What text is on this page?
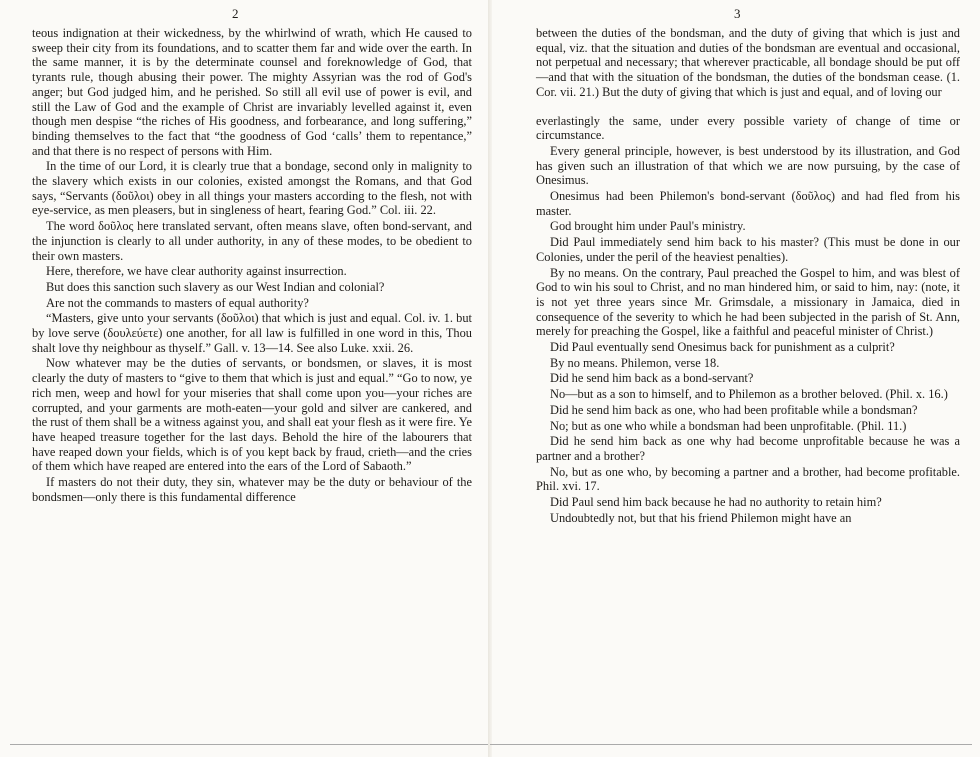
2

teous indignation at their wickedness, by the whirlwind of wrath, which He caused to sweep their city from its foundations, and to scatter them far and wide over the earth. In the same manner, it is by the determinate counsel and foreknowledge of God, that tyrants rule, though abusing their power. The mighty Assyrian was the rod of God's anger; but God judged him, and he perished. So still all evil use of power is evil, and still the Law of God and the example of Christ are invariably levelled against it, even though men despise “the riches of His goodness, and forbearance, and long suffering,” binding themselves to the fact that “the goodness of God ‘calls’ them to repentance,” and that there is no respect of persons with Him.

In the time of our Lord, it is clearly true that a bondage, second only in malignity to the slavery which exists in our colonies, existed amongst the Romans, and that God says, “Servants (δοῦλοι) obey in all things your masters according to the flesh, not with eye-service, as men pleasers, but in singleness of heart, fearing God.” Col. iii. 22.

The word δοῦλος here translated servant, often means slave, often bond-servant, and the injunction is clearly to all under authority, in any of these modes, to be obedient to their own masters.

Here, therefore, we have clear authority against insurrection.

But does this sanction such slavery as our West Indian and colonial?

Are not the commands to masters of equal authority?

“Masters, give unto your servants (δοῦλοι) that which is just and equal. Col. iv. 1. but by love serve (δουλεύετε) one another, for all law is fulfilled in one word in this, Thou shalt love thy neighbour as thyself.” Gall. v. 13—14. See also Luke. xxii. 26.

Now whatever may be the duties of servants, or bondsmen, or slaves, it is most clearly the duty of masters to “give to them that which is just and equal.” “Go to now, ye rich men, weep and howl for your miseries that shall come upon you—your riches are corrupted, and your garments are moth-eaten—your gold and silver are cankered, and the rust of them shall be a witness against you, and shall eat your flesh as it were fire. Ye have heaped treasure together for the last days. Behold the hire of the labourers that have reaped down your fields, which is of you kept back by fraud, crieth—and the cries of them which have reaped are entered into the ears of the Lord of Sabaoth.”

If masters do not their duty, they sin, whatever may be the duty or behaviour of the bondsmen—only there is this fundamental difference

3

between the duties of the bondsman, and the duty of giving that which is just and equal, viz. that the situation and duties of the bondsman are eventual and occasional, not perpetual and necessary; that wherever practicable, all bondage should be put off—and that with the situation of the bondsman, the duties of the bondsman cease. (1. Cor. vii. 21.) But the duty of giving that which is just and equal, and of loving our

everlastingly the same, under every possible variety of change of time or circumstance.

Every general principle, however, is best understood by its illustration, and God has given such an illustration of that which we are now pursuing, by the case of Onesimus.

Onesimus had been Philemon's bond-servant (δοῦλος) and had fled from his master.

God brought him under Paul's ministry.

Did Paul immediately send him back to his master? (This must be done in our Colonies, under the peril of the heaviest penalties).

By no means. On the contrary, Paul preached the Gospel to him, and was blest of God to win his soul to Christ, and no man hindered him, or said to him, nay: (note, it is not yet three years since Mr. Grimsdale, a missionary in Jamaica, died in consequence of the severity to which he had been subjected in the parish of St. Ann, merely for preaching the Gospel, like a faithful and peaceful minister of Christ.)

Did Paul eventually send Onesimus back for punishment as a culprit?

By no means. Philemon, verse 18.

Did he send him back as a bond-servant?

No—but as a son to himself, and to Philemon as a brother beloved. (Phil. x. 16.)

Did he send him back as one, who had been profitable while a bondsman?

No; but as one who while a bondsman had been unprofitable. (Phil. 11.)

Did he send him back as one why had become unprofitable because he was a partner and a brother?

No, but as one who, by becoming a partner and a brother, had become profitable. Phil. xvi. 17.

Did Paul send him back because he had no authority to retain him?

Undoubtedly not, but that his friend Philemon might have an
